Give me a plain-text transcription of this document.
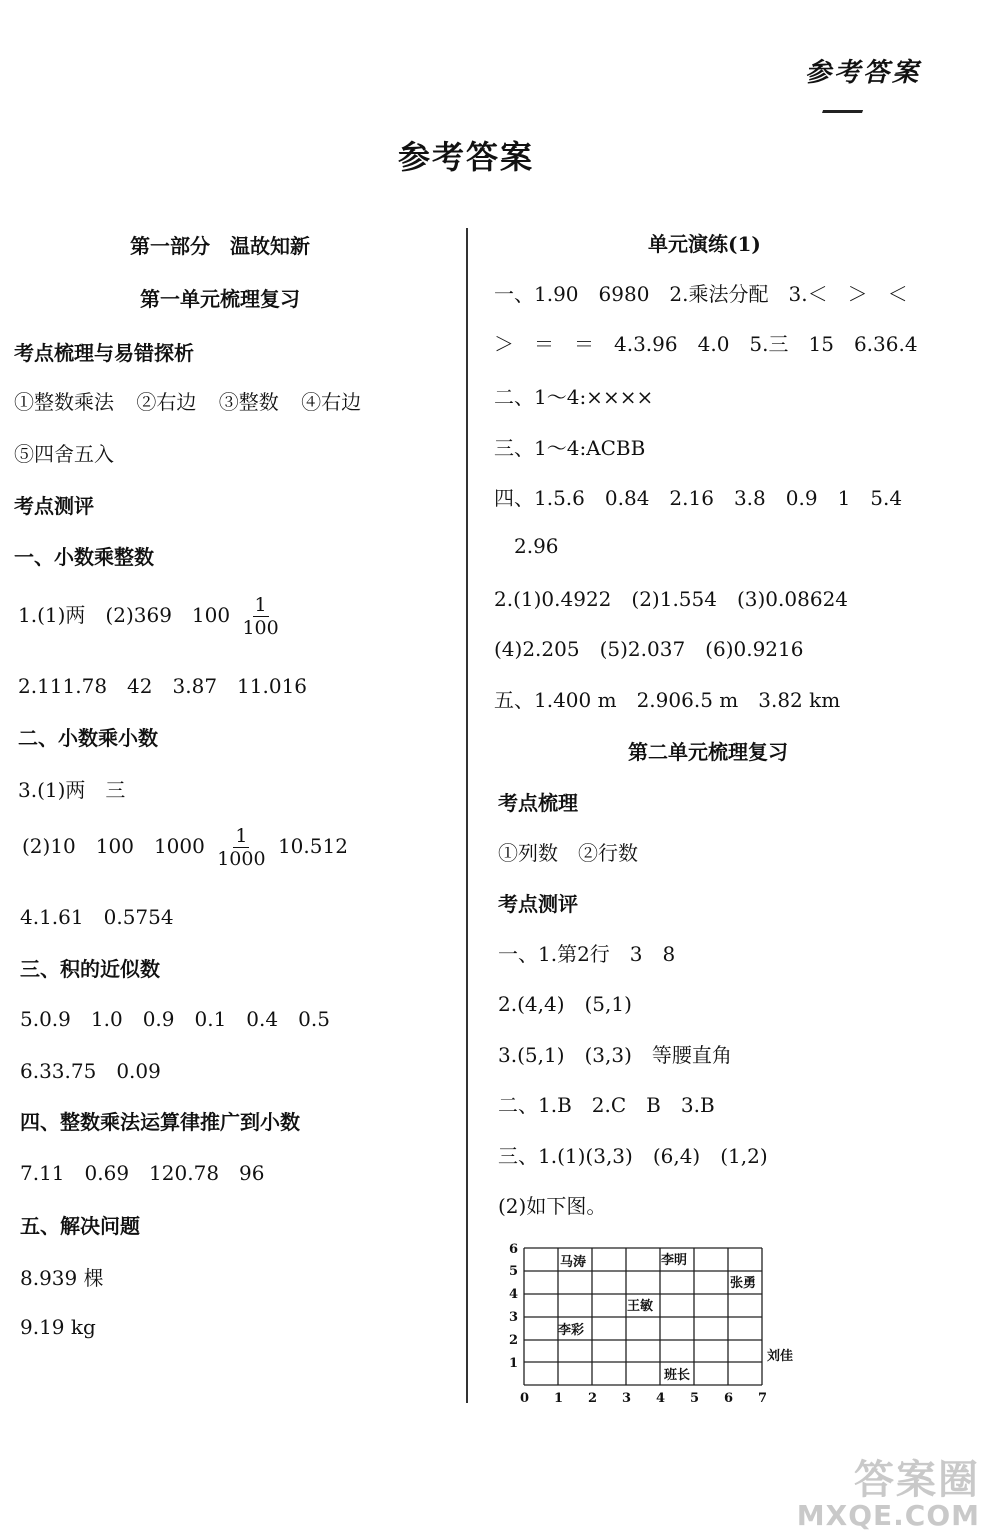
参考答案
参考答案
第一部分　温故知新
第一单元梳理复习
考点梳理与易错探析
①整数乘法 ②右边 ③整数 ④右边
⑤四舍五入
考点测评
一、小数乘整数
1.(1)两　(2)369　$100 \frac{1}{100}$
2.111.78　42　3.87　11.016
二、小数乘小数
3.(1)两　三
(2)10　100　$1000 \frac{1}{1000} 10.512$
4.1.61　0.5754
三、积的近似数
5.0.9　1.0　0.9　0.1　0.4　0.5
6.33.75　0.09
四、整数乘法运算律推广到小数
7.11　0.69　120.78　96
五、解决问题
8.939 棵
9.19 kg
单元演练(1)
一、1.90　6980　2.乘法分配　3.＜　＞　＜
＞　＝　＝　4.3.96　4.0　5.三　15　6.36.4
二、1～4:××××
三、1～4:ACBB
四、1.5.6　0.84　2.16　3.8　0.9　1　5.4
2.96
2.(1)0.4922　(2)1.554　(3)0.08624
(4)2.205　(5)2.037　(6)0.9216
五、1.400 m　2.906.5 m　3.82 km
第二单元梳理复习
考点梳理
①列数　②行数
考点测评
一、1.第2行　3　8
2.(4,4)　(5,1)
3.(5,1)　(3,3)　等腰直角
二、1.B　2.C　B　3.B
三、1.(1)(3,3)　(6,4)　(1,2)
(2)如下图。
0 1 2 3 4 5 6 7
1
2
3
4
5
6
马涛	李明
张勇
王敏
李彩
刘佳
班长
答案圈
MXQE.COM
